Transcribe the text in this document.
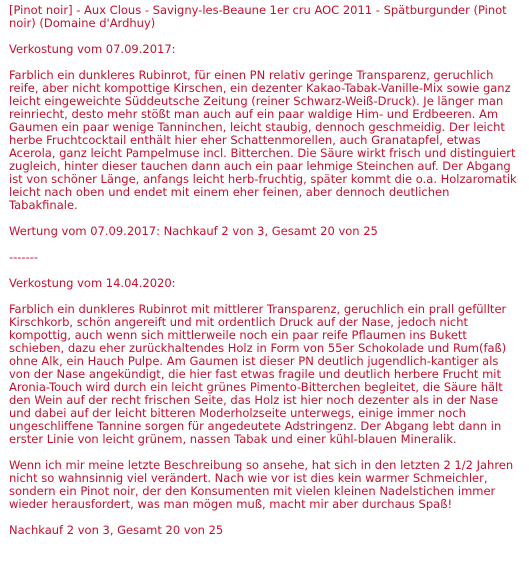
[Pinot noir] - Aux Clous - Savigny-les-Beaune 1er cru AOC 2011 - Spätburgunder (Pinot noir) (Domaine d'Ardhuy)

Verkostung vom 07.09.2017:

Farblich ein dunkleres Rubinrot, für einen PN relativ geringe Transparenz, geruchlich reife, aber nicht kompottige Kirschen, ein dezenter Kakao-Tabak-Vanille-Mix sowie ganz leicht eingeweichte Süddeutsche Zeitung (reiner Schwarz-Weiß-Druck). Je länger man reinriecht, desto mehr stößt man auch auf ein paar waldige Him- und Erdbeeren. Am Gaumen ein paar wenige Tanninchen, leicht staubig, dennoch geschmeidig. Der leicht herbe Fruchtcocktail enthält hier eher Schattenmorellen, auch Granatapfel, etwas Acerola, ganz leicht Pampelmuse incl. Bitterchen. Die Säure wirkt frisch und distinguiert zugleich, hinter dieser tauchen dann auch ein paar lehmige Steinchen auf. Der Abgang ist von schöner Länge, anfangs leicht herb-fruchtig, später kommt die o.a. Holzaromatik leicht nach oben und endet mit einem eher feinen, aber dennoch deutlichen Tabakfinale.

Wertung vom 07.09.2017: Nachkauf 2 von 3, Gesamt 20 von 25

-------

Verkostung vom 14.04.2020:

Farblich ein dunkleres Rubinrot mit mittlerer Transparenz, geruchlich ein prall gefüllter Kirschkorb, schön angereift und mit ordentlich Druck auf der Nase, jedoch nicht kompottig, auch wenn sich mittlerweile noch ein paar reife Pflaumen ins Bukett schieben, dazu eher zurückhaltendes Holz in Form von 55er Schokolade und Rum(faß) ohne Alk, ein Hauch Pulpe. Am Gaumen ist dieser PN deutlich jugendlich-kantiger als von der Nase angekündigt, die hier fast etwas fragile und deutlich herbere Frucht mit Aronia-Touch wird durch ein leicht grünes Pimento-Bitterchen begleitet, die Säure hält den Wein auf der recht frischen Seite, das Holz ist hier noch dezenter als in der Nase und dabei auf der leicht bitteren Moderholzseite unterwegs, einige immer noch ungeschliffene Tannine sorgen für angedeutete Adstringenz. Der Abgang lebt dann in erster Linie von leicht grünem, nassen Tabak und einer kühl-blauen Mineralik.

Wenn ich mir meine letzte Beschreibung so ansehe, hat sich in den letzten 2 1/2 Jahren nicht so wahnsinnig viel verändert. Nach wie vor ist dies kein warmer Schmeichler, sondern ein Pinot noir, der den Konsumenten mit vielen kleinen Nadelstichen immer wieder herausfordert, was man mögen muß, macht mir aber durchaus Spaß!

Nachkauf 2 von 3, Gesamt 20 von 25
